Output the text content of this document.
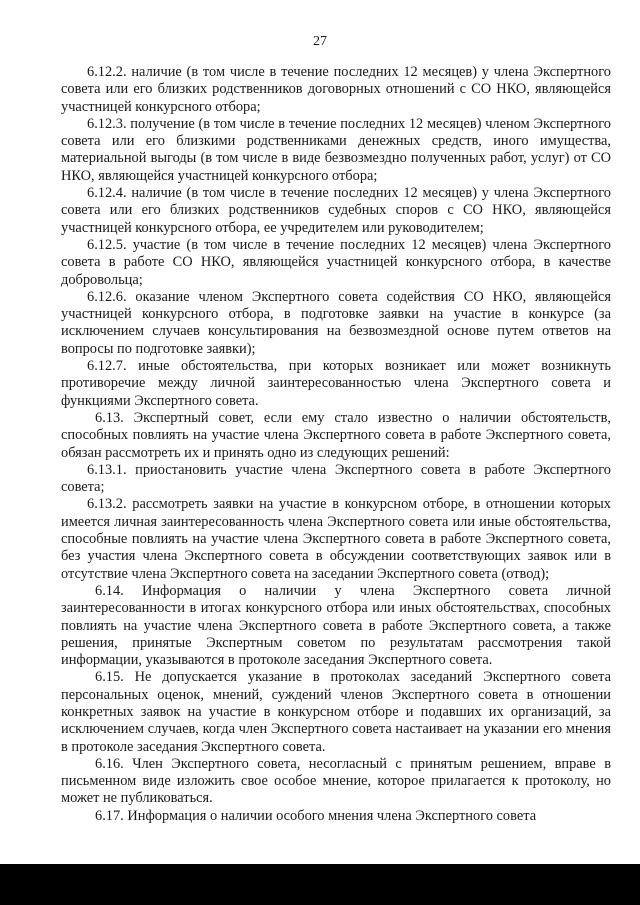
27

6.12.2. наличие (в том числе в течение последних 12 месяцев) у члена Экспертного совета или его близких родственников договорных отношений с СО НКО, являющейся участницей конкурсного отбора;

6.12.3. получение (в том числе в течение последних 12 месяцев) членом Экспертного совета или его близкими родственниками денежных средств, иного имущества, материальной выгоды (в том числе в виде безвозмездно полученных работ, услуг) от СО НКО, являющейся участницей конкурсного отбора;

6.12.4. наличие (в том числе в течение последних 12 месяцев) у члена Экспертного совета или его близких родственников судебных споров с СО НКО, являющейся участницей конкурсного отбора, ее учредителем или руководителем;

6.12.5. участие (в том числе в течение последних 12 месяцев) члена Экспертного совета в работе СО НКО, являющейся участницей конкурсного отбора, в качестве добровольца;

6.12.6. оказание членом Экспертного совета содействия СО НКО, являющейся участницей конкурсного отбора, в подготовке заявки на участие в конкурсе (за исключением случаев консультирования на безвозмездной основе путем ответов на вопросы по подготовке заявки);

6.12.7. иные обстоятельства, при которых возникает или может возникнуть противоречие между личной заинтересованностью члена Экспертного совета и функциями Экспертного совета.

6.13. Экспертный совет, если ему стало известно о наличии обстоятельств, способных повлиять на участие члена Экспертного совета в работе Экспертного совета, обязан рассмотреть их и принять одно из следующих решений:

6.13.1. приостановить участие члена Экспертного совета в работе Экспертного совета;

6.13.2. рассмотреть заявки на участие в конкурсном отборе, в отношении которых имеется личная заинтересованность члена Экспертного совета или иные обстоятельства, способные повлиять на участие члена Экспертного совета в работе Экспертного совета, без участия члена Экспертного совета в обсуждении соответствующих заявок или в отсутствие члена Экспертного совета на заседании Экспертного совета (отвод);

6.14. Информация о наличии у члена Экспертного совета личной заинтересованности в итогах конкурсного отбора или иных обстоятельствах, способных повлиять на участие члена Экспертного совета в работе Экспертного совета, а также решения, принятые Экспертным советом по результатам рассмотрения такой информации, указываются в протоколе заседания Экспертного совета.

6.15. Не допускается указание в протоколах заседаний Экспертного совета персональных оценок, мнений, суждений членов Экспертного совета в отношении конкретных заявок на участие в конкурсном отборе и подавших их организаций, за исключением случаев, когда член Экспертного совета настаивает на указании его мнения в протоколе заседания Экспертного совета.

6.16. Член Экспертного совета, несогласный с принятым решением, вправе в письменном виде изложить свое особое мнение, которое прилагается к протоколу, но может не публиковаться.

6.17. Информация о наличии особого мнения члена Экспертного совета
